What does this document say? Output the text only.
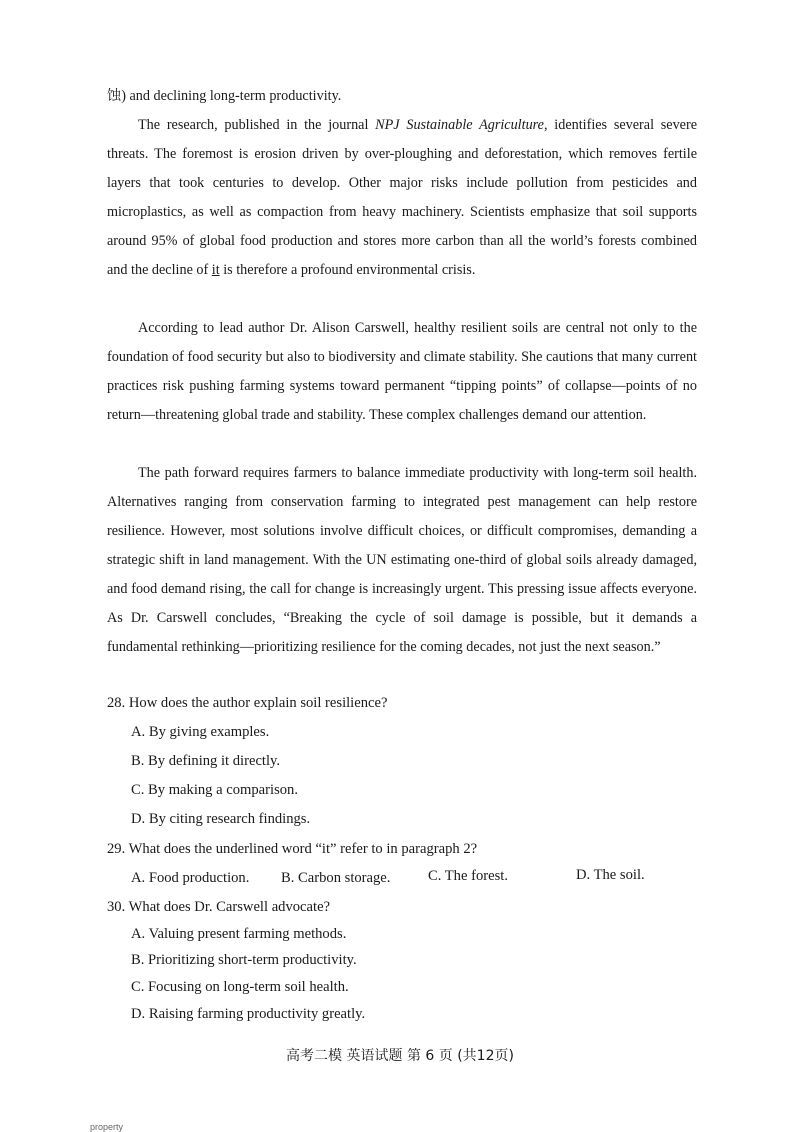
蚀) and declining long-term productivity.

The research, published in the journal NPJ Sustainable Agriculture, identifies several severe threats. The foremost is erosion driven by over-ploughing and deforestation, which removes fertile layers that took centuries to develop. Other major risks include pollution from pesticides and microplastics, as well as compaction from heavy machinery. Scientists emphasize that soil supports around 95% of global food production and stores more carbon than all the world’s forests combined and the decline of it is therefore a profound environmental crisis.

According to lead author Dr. Alison Carswell, healthy resilient soils are central not only to the foundation of food security but also to biodiversity and climate stability. She cautions that many current practices risk pushing farming systems toward permanent “tipping points” of collapse—points of no return—threatening global trade and stability. These complex challenges demand our attention.

The path forward requires farmers to balance immediate productivity with long-term soil health. Alternatives ranging from conservation farming to integrated pest management can help restore resilience. However, most solutions involve difficult choices, or difficult compromises, demanding a strategic shift in land management. With the UN estimating one-third of global soils already damaged, and food demand rising, the call for change is increasingly urgent. This pressing issue affects everyone. As Dr. Carswell concludes, “Breaking the cycle of soil damage is possible, but it demands a fundamental rethinking—prioritizing resilience for the coming decades, not just the next season.”

28. How does the author explain soil resilience?

A. By giving examples.

B. By defining it directly.

C. By making a comparison.

D. By citing research findings.

29. What does the underlined word “it” refer to in paragraph 2?

A. Food production. B. Carbon storage.	C. The forest.	D. The soil.

30. What does Dr. Carswell advocate?

A. Valuing present farming methods.

B. Prioritizing short-term productivity.

C. Focusing on long-term soil health.

D. Raising farming productivity greatly.

高考二模 英语试题 第 6 页 (共12页)
property
